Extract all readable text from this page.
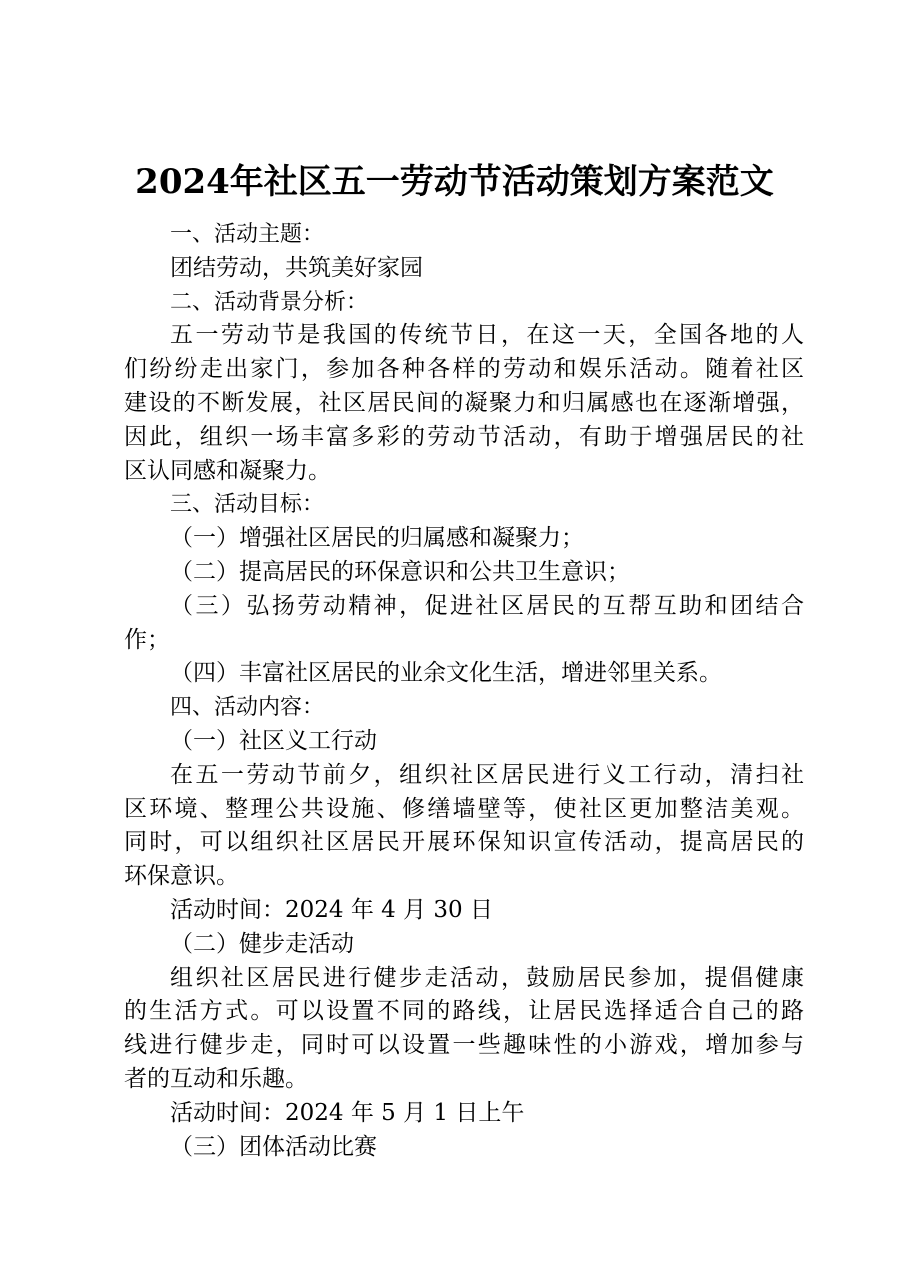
2024年社区五一劳动节活动策划方案范文
一、活动主题：
团结劳动，共筑美好家园
二、活动背景分析：
五一劳动节是我国的传统节日，在这一天，全国各地的人
们纷纷走出家门，参加各种各样的劳动和娱乐活动。随着社区
建设的不断发展，社区居民间的凝聚力和归属感也在逐渐增强，
因此，组织一场丰富多彩的劳动节活动，有助于增强居民的社
区认同感和凝聚力。
三、活动目标：
（一）增强社区居民的归属感和凝聚力；
（二）提高居民的环保意识和公共卫生意识；
（三）弘扬劳动精神，促进社区居民的互帮互助和团结合
作；
（四）丰富社区居民的业余文化生活，增进邻里关系。
四、活动内容：
（一）社区义工行动
在五一劳动节前夕，组织社区居民进行义工行动，清扫社
区环境、整理公共设施、修缮墙壁等，使社区更加整洁美观。
同时，可以组织社区居民开展环保知识宣传活动，提高居民的
环保意识。
活动时间：2024 年 4 月 30 日
（二）健步走活动
组织社区居民进行健步走活动，鼓励居民参加，提倡健康
的生活方式。可以设置不同的路线，让居民选择适合自己的路
线进行健步走，同时可以设置一些趣味性的小游戏，增加参与
者的互动和乐趣。
活动时间：2024 年 5 月 1 日上午
（三）团体活动比赛
